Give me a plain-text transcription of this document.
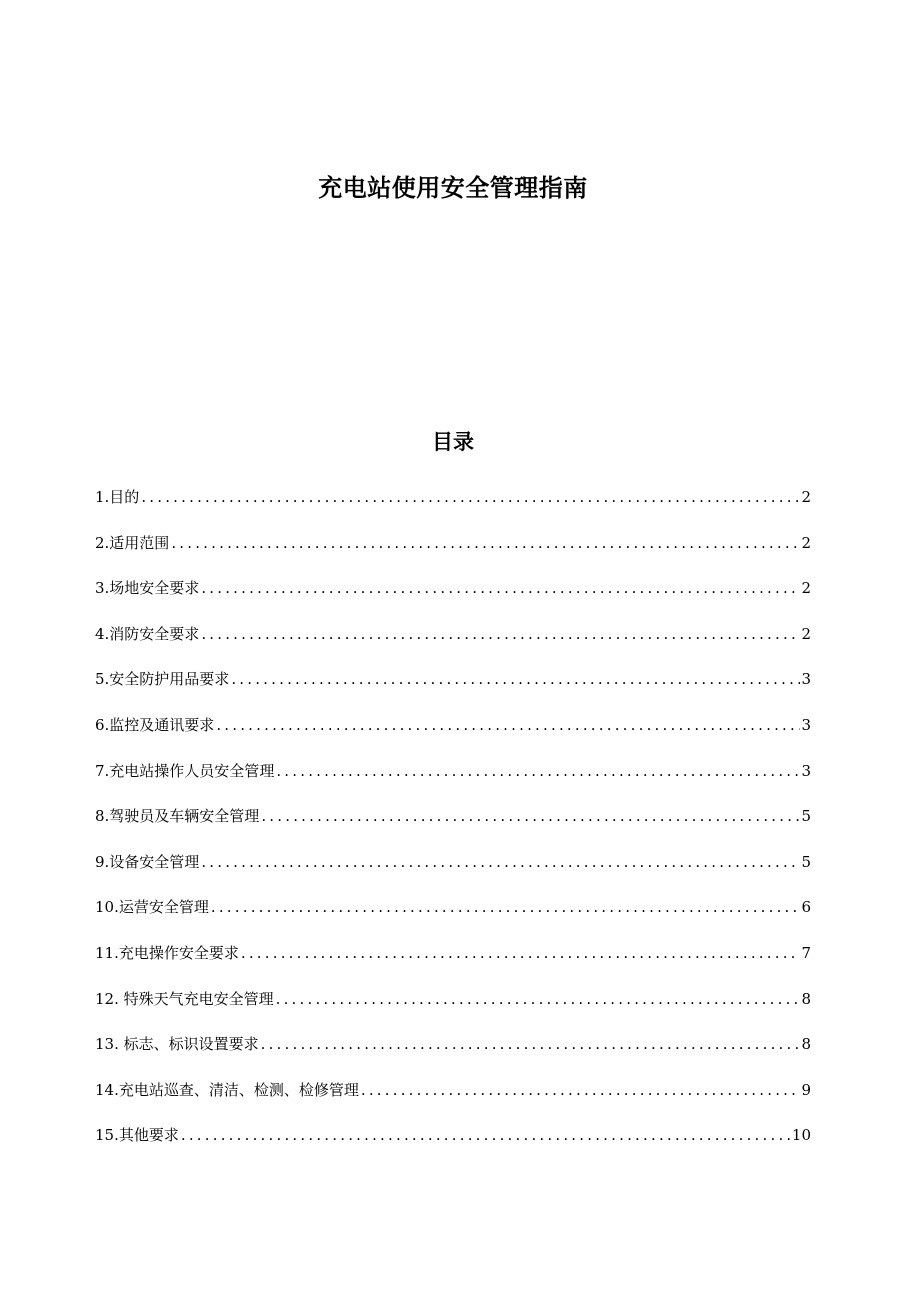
充电站使用安全管理指南
目录
1.目的 .....	2
2.适用范围 .....	2
3.场地安全要求 .....	2
4.消防安全要求 .....	2
5.安全防护用品要求 .....	3
6.监控及通讯要求 .....	3
7.充电站操作人员安全管理 .....	3
8.驾驶员及车辆安全管理 .....	5
9.设备安全管理 .....	5
10.运营安全管理 .....	6
11.充电操作安全要求 .....	7
12. 特殊天气充电安全管理 .....	8
13. 标志、标识设置要求 .....	8
14.充电站巡查、清洁、检测、检修管理 .....	9
15.其他要求 .....	10
